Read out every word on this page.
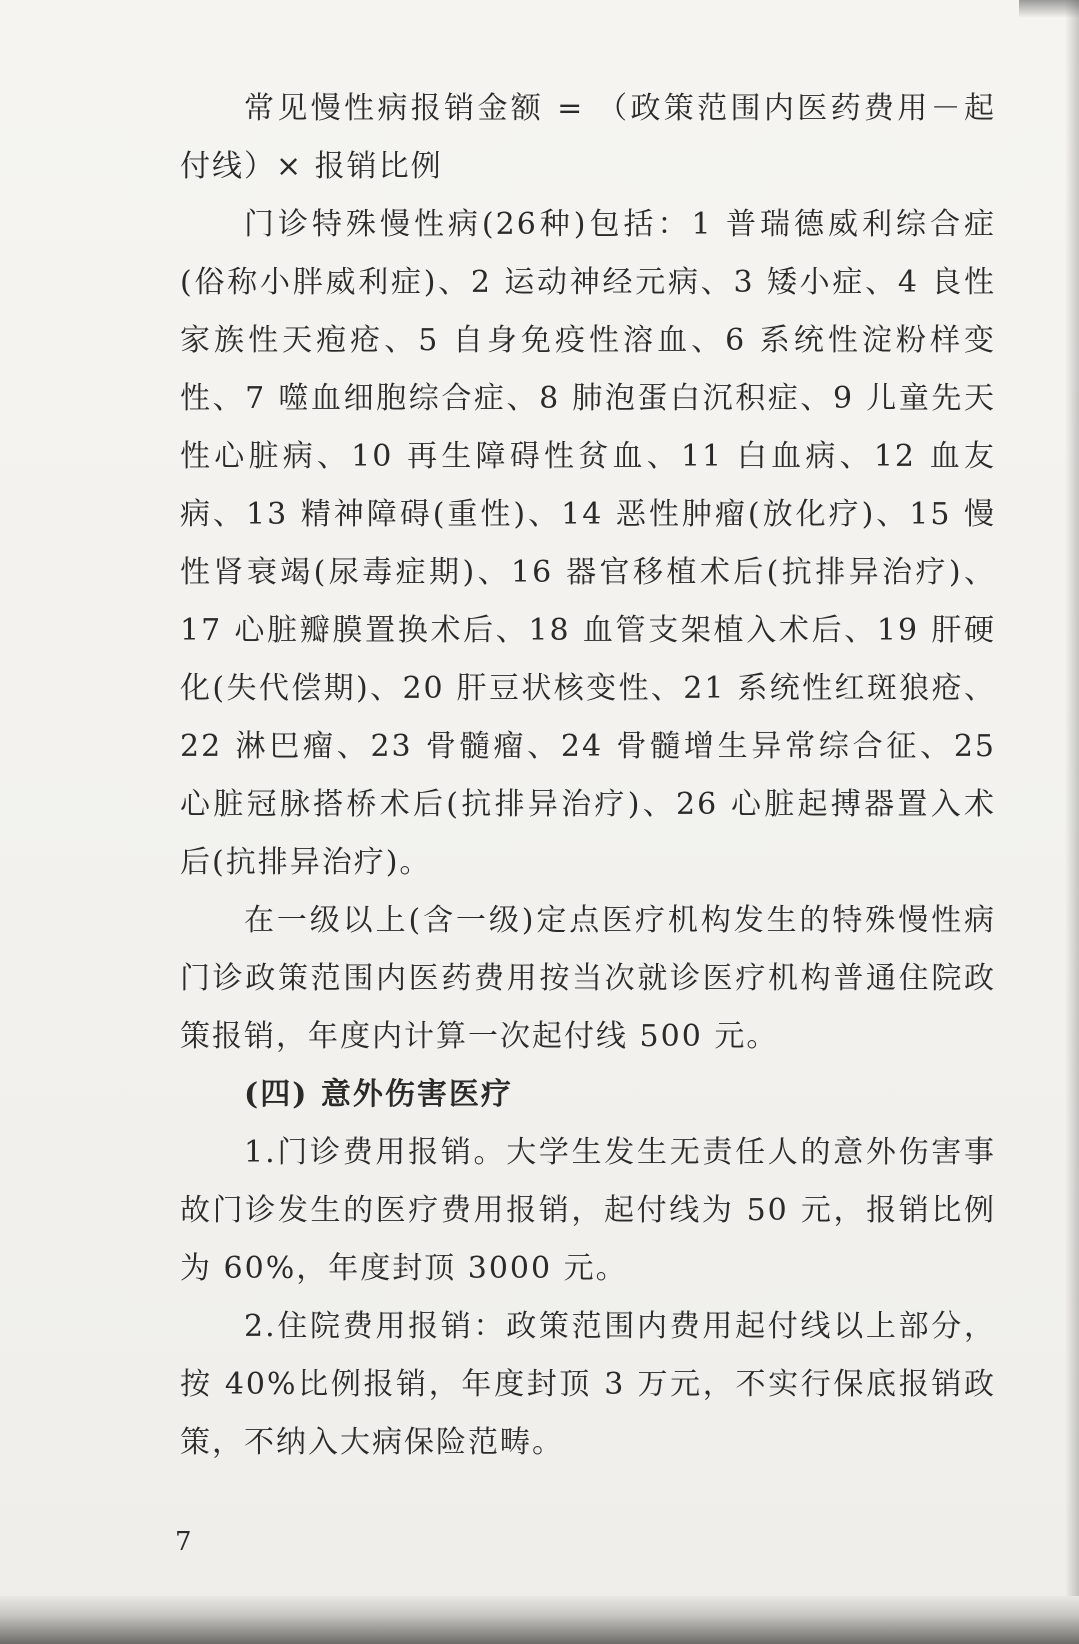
常见慢性病报销金额 = （政策范围内医药费用－起付线）× 报销比例

门诊特殊慢性病(26种)包括：1 普瑞德威利综合症(俗称小胖威利症)、2 运动神经元病、3 矮小症、4 良性家族性天疱疮、5 自身免疫性溶血、6 系统性淀粉样变性、7 噬血细胞综合症、8 肺泡蛋白沉积症、9 儿童先天性心脏病、10 再生障碍性贫血、11 白血病、12 血友病、13 精神障碍(重性)、14 恶性肿瘤(放化疗)、15 慢性肾衰竭(尿毒症期)、16 器官移植术后(抗排异治疗)、17 心脏瓣膜置换术后、18 血管支架植入术后、19 肝硬化(失代偿期)、20 肝豆状核变性、21 系统性红斑狼疮、22 淋巴瘤、23 骨髓瘤、24 骨髓增生异常综合征、25 心脏冠脉搭桥术后(抗排异治疗)、26 心脏起搏器置入术后(抗排异治疗)。

在一级以上(含一级)定点医疗机构发生的特殊慢性病门诊政策范围内医药费用按当次就诊医疗机构普通住院政策报销，年度内计算一次起付线 500 元。

(四) 意外伤害医疗

1.门诊费用报销。大学生发生无责任人的意外伤害事故门诊发生的医疗费用报销，起付线为 50 元，报销比例为 60%，年度封顶 3000 元。

2.住院费用报销：政策范围内费用起付线以上部分，按 40%比例报销，年度封顶 3 万元，不实行保底报销政策，不纳入大病保险范畴。

7
